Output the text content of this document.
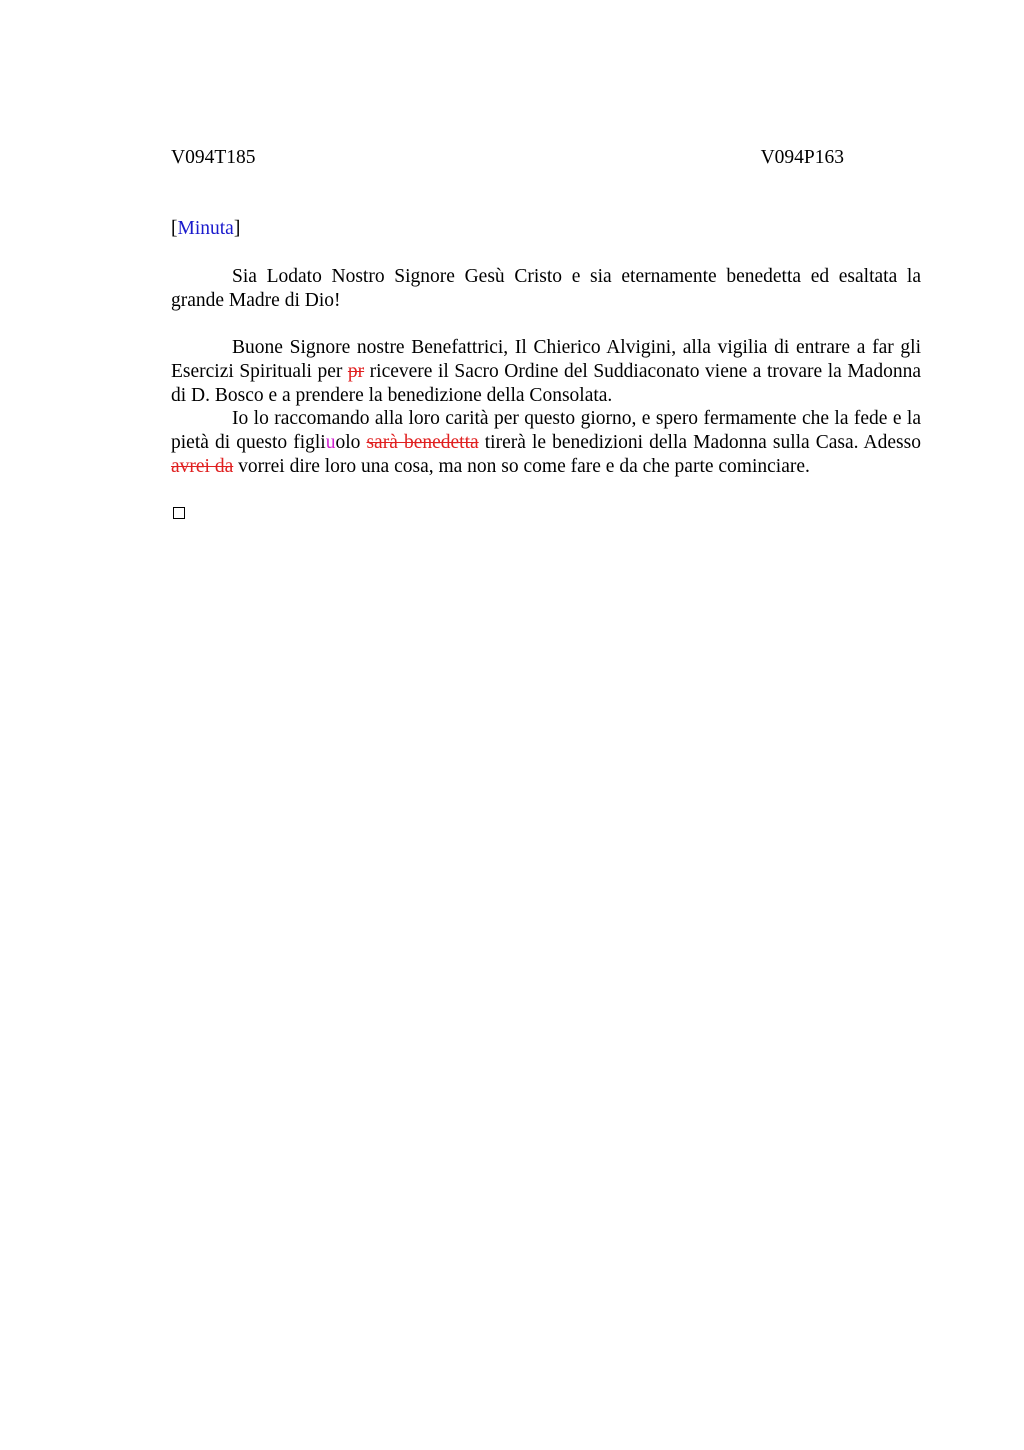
V094T185	V094P163
[Minuta]

Sia Lodato Nostro Signore Gesù Cristo e sia eternamente benedetta ed esaltata la grande Madre di Dio!

Buone Signore nostre Benefattrici, Il Chierico Alvigini, alla vigilia di entrare a far gli Esercizi Spirituali per pr ricevere il Sacro Ordine del Suddiaconato viene a trovare la Madonna di D. Bosco e a prendere la benedizione della Consolata.

Io lo raccomando alla loro carità per questo giorno, e spero fermamente che la fede e la pietà di questo figliuolo sarà benedetta tirerà le benedizioni della Madonna sulla Casa. Adesso avrei da vorrei dire loro una cosa, ma non so come fare e da che parte cominciare.
